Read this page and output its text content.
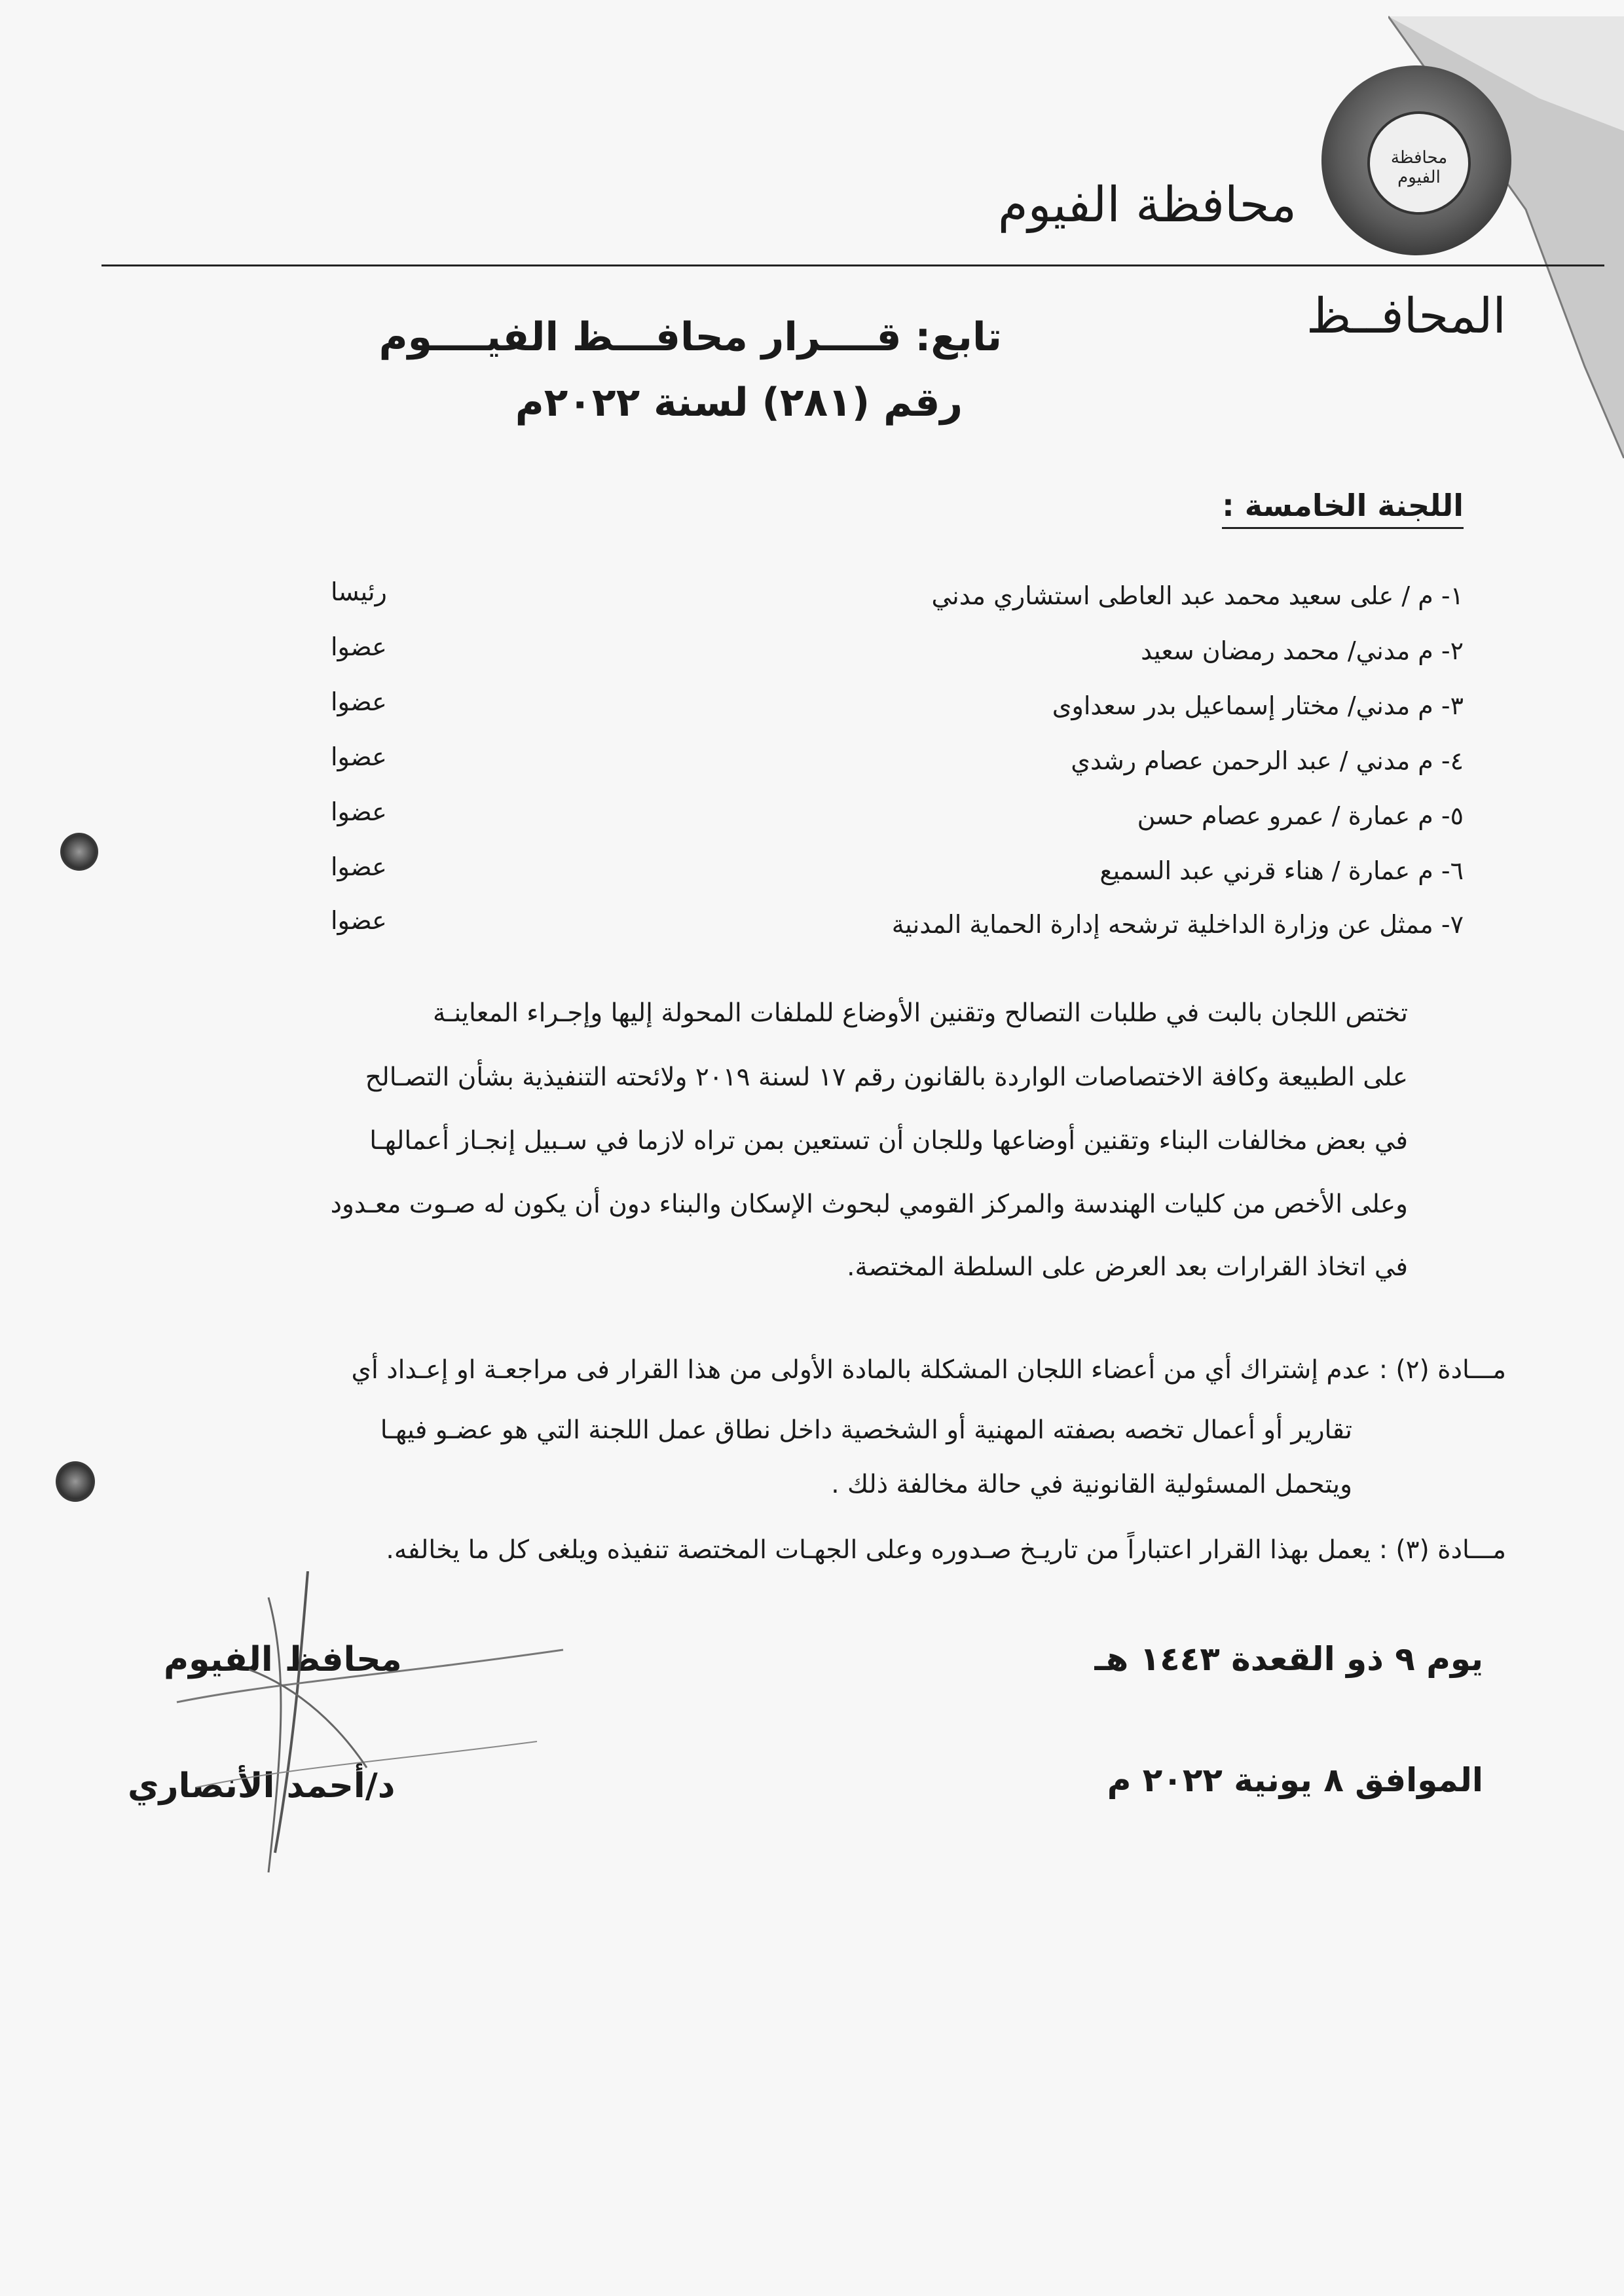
محافظة الفيوم
محافظة الفيوم
المحافــظ
تابع: قــــرار محافـــظ الفيــــوم
رقم (٢٨١) لسنة ٢٠٢٢م
اللجنة الخامسة :
١- م / على سعيد محمد عبد العاطى استشاري مدني
رئيسا
٢- م مدني/ محمد رمضان سعيد
عضوا
٣- م مدني/ مختار إسماعيل بدر سعداوى
عضوا
٤- م مدني / عبد الرحمن عصام رشدي
عضوا
٥- م عمارة / عمرو عصام حسن
عضوا
٦- م عمارة / هناء قرني عبد السميع
عضوا
٧- ممثل عن وزارة الداخلية ترشحه إدارة الحماية المدنية
عضوا
تختص اللجان بالبت في طلبات التصالح وتقنين الأوضاع للملفات المحولة إليها وإجـراء المعاينـة
على الطبيعة وكافة الاختصاصات الواردة بالقانون رقم ١٧ لسنة ٢٠١٩ ولائحته التنفيذية بشأن التصـالح
في بعض مخالفات البناء وتقنين أوضاعها وللجان أن تستعين بمن تراه لازما في سـبيل إنجـاز أعمالهـا
وعلى الأخص من كليات الهندسة والمركز القومي لبحوث الإسكان والبناء دون أن يكون له صـوت معـدود
في اتخاذ القرارات بعد العرض على السلطة المختصة.
مـــادة (٢) : عدم إشتراك أي من أعضاء اللجان المشكلة بالمادة الأولى من هذا القرار فى مراجعـة او إعـداد أي
تقارير أو أعمال تخصه بصفته المهنية أو الشخصية داخل نطاق عمل اللجنة التي هو عضـو فيهـا
ويتحمل المسئولية القانونية في حالة مخالفة ذلك .
مـــادة (٣) : يعمل بهذا القرار اعتباراً من تاريـخ صـدوره وعلى الجهـات المختصة تنفيذه ويلغى كل ما يخالفه.
يوم ٩ ذو القعدة ١٤٤٣ هـ
الموافق ٨ يونية ٢٠٢٢ م
محافظ الفيوم
د/أحمد الأنصاري
